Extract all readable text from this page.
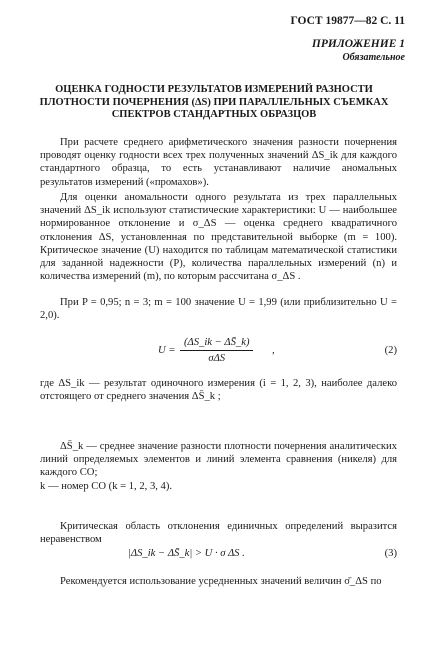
ГОСТ 19877—82 С. 11
ПРИЛОЖЕНИЕ 1
Обязательное
ОЦЕНКА ГОДНОСТИ РЕЗУЛЬТАТОВ ИЗМЕРЕНИЙ РАЗНОСТИ ПЛОТНОСТИ ПОЧЕРНЕНИЯ (ΔS) ПРИ ПАРАЛЛЕЛЬНЫХ СЪЕМКАХ СПЕКТРОВ СТАНДАРТНЫХ ОБРАЗЦОВ

При расчете среднего арифметического значения разности почернения проводят оценку годности всех трех полученных значений ΔS_ik для каждого стандартного образца, то есть устанавливают наличие аномальных результатов измерений («промахов»).

Для оценки аномальности одного результата из трех параллельных значений ΔS_ik используют статистические характеристики: U — наибольшее нормированное отклонение и σ_ΔS — оценка среднего квадратичного отклонения ΔS, установленная по представительной выборке (m = 100). Критическое значение (U) находится по таблицам математической статистики для заданной надежности (P), количества параллельных измерений (n) и количества измерений (m), по которым рассчитана σ_ΔS .

При P = 0,95; n = 3; m = 100 значение U = 1,99 (или приблизительно U = 2,0).

$U = \frac{(\Delta S\_ik - \Delta S̄\_k)}{\text{σΔS}}$ ,	(2)

где ΔS_ik — результат одиночного измерения (i = 1, 2, 3), наиболее далеко отстоящего от среднего значения ΔS̄_k ;

ΔS̄_k — среднее значение разности плотности почернения аналитических линий определяемых элементов и линий элемента сравнения (никеля) для каждого СО;

k — номер СО (k = 1, 2, 3, 4).

Критическая область отклонения единичных определений выразится неравенством

|ΔS_ik − ΔS̄_k| > U · σ ΔS .	(3)

Рекомендуется использование усредненных значений величин σ̄_ΔS по
